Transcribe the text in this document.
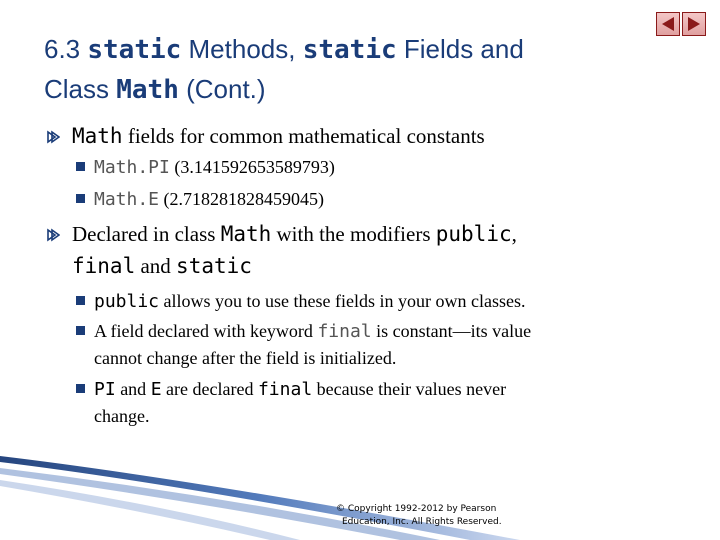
6.3 static Methods, static Fields and
Class Math (Cont.)
Math fields for common mathematical constants
Math.PI (3.141592653589793)
Math.E (2.718281828459045)
Declared in class Math with the modifiers public,
final and static
public allows you to use these fields in your own classes.
A field declared with keyword final is constant—its value
cannot change after the field is initialized.
PI and E are declared final because their values never
change.
© Copyright 1992-2012 by Pearson
Education, Inc. All Rights Reserved.
